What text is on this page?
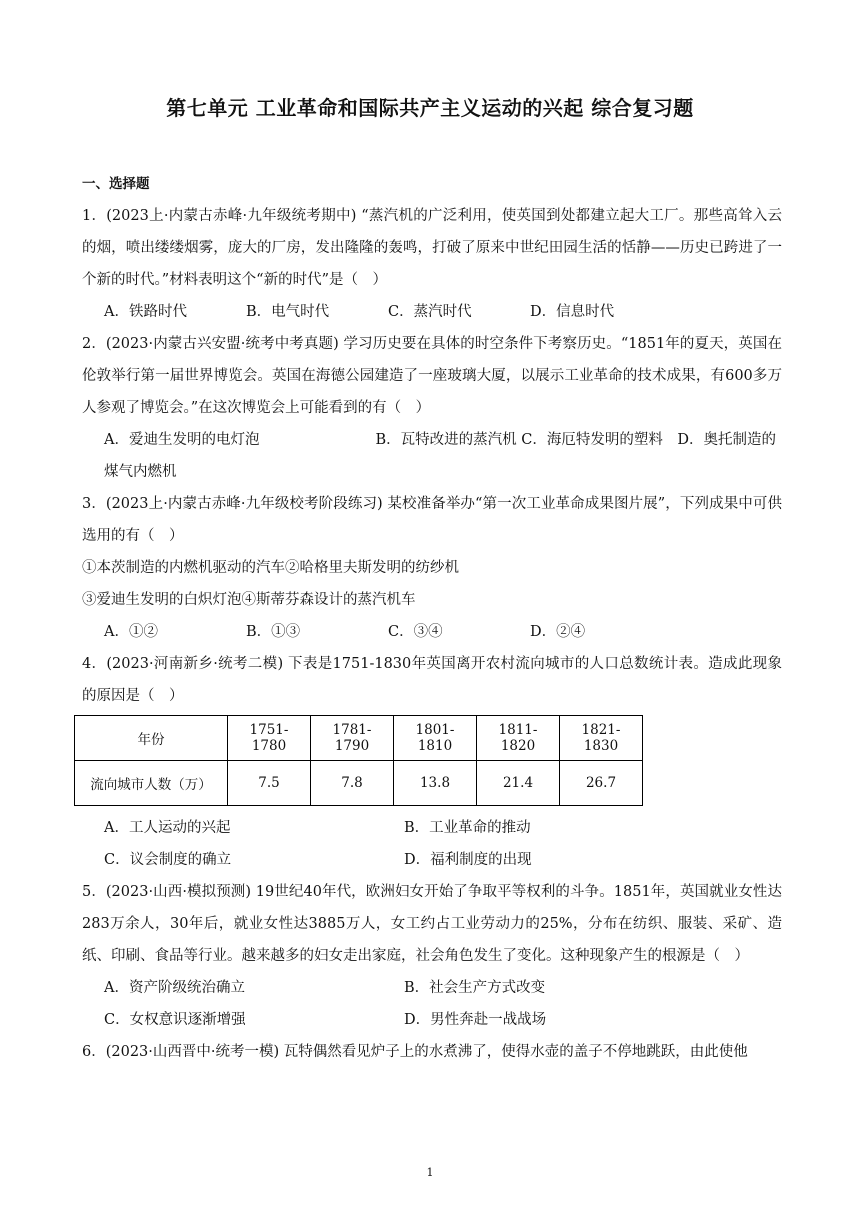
第七单元 工业革命和国际共产主义运动的兴起 综合复习题
一、选择题

1．(2023上·内蒙古赤峰·九年级统考期中) “蒸汽机的广泛利用，使英国到处都建立起大工厂。那些高耸入云的烟，喷出缕缕烟雾，庞大的厂房，发出隆隆的轰鸣，打破了原来中世纪田园生活的恬静——历史已跨进了一个新的时代。”材料表明这个“新的时代”是（　）

A．铁路时代	B．电气时代	C．蒸汽时代	D．信息时代

2．(2023·内蒙古兴安盟·统考中考真题) 学习历史要在具体的时空条件下考察历史。“1851年的夏天，英国在伦敦举行第一届世界博览会。英国在海德公园建造了一座玻璃大厦，以展示工业革命的技术成果，有600多万人参观了博览会。”在这次博览会上可能看到的有（　）

A．爱迪生发明的电灯泡　　　　　　　　B．瓦特改进的蒸汽机 C．海厄特发明的塑料　D．奥托制造的煤气内燃机

3．(2023上·内蒙古赤峰·九年级校考阶段练习) 某校准备举办“第一次工业革命成果图片展”，下列成果中可供选用的有（　）

①本茨制造的内燃机驱动的汽车②哈格里夫斯发明的纺纱机
③爱迪生发明的白炽灯泡④斯蒂芬森设计的蒸汽机车
A．①②	B．①③	C．③④	D．②④

4．(2023·河南新乡·统考二模) 下表是1751-1830年英国离开农村流向城市的人口总数统计表。造成此现象的原因是（　）

年份	1751-1780	1781-1790	1801-1810	1811-1820	1821-1830
流向城市人数（万）	7.5	7.8	13.8	21.4	26.7
A．工人运动的兴起	B．工业革命的推动
C．议会制度的确立	D．福利制度的出现

5．(2023·山西·模拟预测) 19世纪40年代，欧洲妇女开始了争取平等权利的斗争。1851年，英国就业女性达283万余人，30年后，就业女性达3885万人，女工约占工业劳动力的25%，分布在纺织、服装、采矿、造纸、印刷、食品等行业。越来越多的妇女走出家庭，社会角色发生了变化。这种现象产生的根源是（　）

A．资产阶级统治确立	B．社会生产方式改变
C．女权意识逐渐增强	D．男性奔赴一战战场

6．(2023·山西晋中·统考一模) 瓦特偶然看见炉子上的水煮沸了，使得水壶的盖子不停地跳跃，由此使他

1
